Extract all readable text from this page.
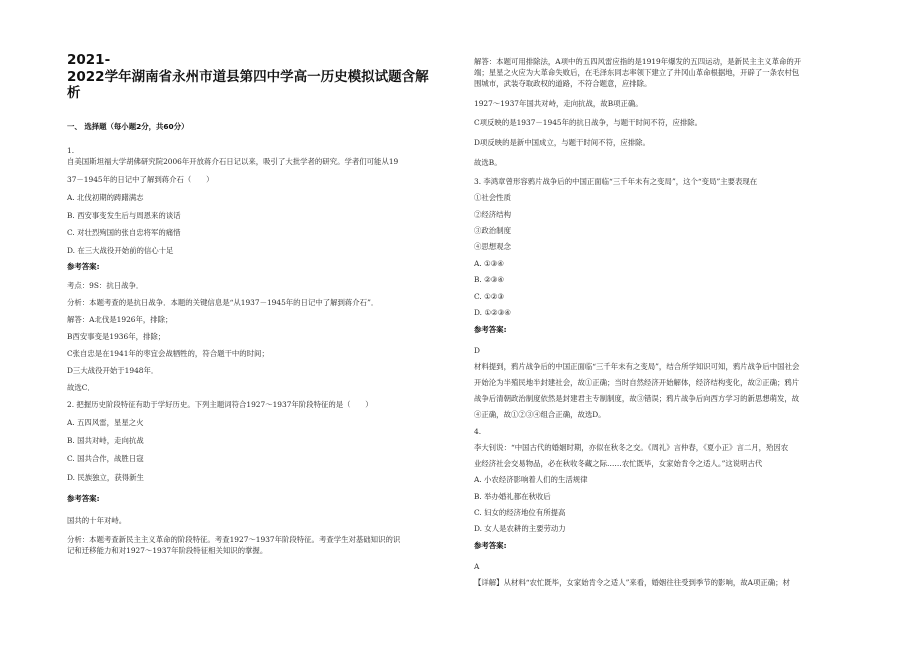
2021-
2022学年湖南省永州市道县第四中学高一历史模拟试题含解
析
一、 选择题（每小题2分，共60分）
1.
自美国斯坦福大学胡佛研究院2006年开放蒋介石日记以来，吸引了大批学者的研究。学者们可能从19
37－1945年的日记中了解到蒋介石（　　）
A. 北伐初期的踌躇满志
B. 西安事变发生后与周恩来的谈话
C. 对壮烈殉国的张自忠将军的痛惜
D. 在三大战役开始前的信心十足
参考答案:
考点：9S：抗日战争．
分析：本题考查的是抗日战争．本题的关键信息是“从1937－1945年的日记中了解到蒋介石”．
解答：A北伐是1926年，排除；
B西安事变是1936年，排除；
C张自忠是在1941年的枣宜会战牺牲的，符合题干中的时间；
D三大战役开始于1948年．
故选C．
2. 把握历史阶段特征有助于学好历史。下列主题词符合1927～1937年阶段特征的是（　　）
A. 五四风雷，星星之火
B. 国共对峙，走向抗战
C. 国共合作，战胜日寇
D. 民族独立，获得新生
参考答案:
国共的十年对峙。
分析：本题考查新民主主义革命的阶段特征。考查1927～1937年阶段特征。考查学生对基础知识的识
记和迁移能力和对1927～1937年阶段特征相关知识的掌握。
解答：本题可用排除法，A项中的五四风雷应指的是1919年爆发的五四运动，是新民主主义革命的开
端；星星之火应为大革命失败后，在毛泽东同志率领下建立了井冈山革命根据地，开辟了一条农村包
围城市，武装夺取政权的道路，不符合题意，应排除。
1927～1937年国共对峙，走向抗战，故B项正确。
C项反映的是1937－1945年的抗日战争，与题干时间不符，应排除。
D项反映的是新中国成立，与题干时间不符，应排除。
故选B。
3. 李鸿章曾形容鸦片战争后的中国正面临“三千年未有之变局”，这个“变局”主要表现在
①社会性质
②经济结构
③政治制度
④思想观念
A. ①③④
B. ②③④
C. ①②③
D. ①②③④
参考答案:
D
材料提到，鸦片战争后的中国正面临“三千年未有之变局”，结合所学知识可知，鸦片战争后中国社会
开始沦为半殖民地半封建社会，故①正确；当时自然经济开始解体，经济结构变化，故②正确；鸦片
战争后清朝政治制度依然是封建君主专制制度，故③错误；鸦片战争后向西方学习的新思想萌发，故
④正确，故①②③④组合正确，故选D。
4.
李大钊说：“中国古代的婚姻时期，亦似在秋冬之交。《周礼》言仲春，《夏小正》言二月，殆因农
业经济社会交易物品，必在秋收冬藏之际……农忙既毕，女家始肯令之适人。”这说明古代
A. 小农经济影响着人们的生活规律
B. 举办婚礼都在秋收后
C. 妇女的经济地位有所提高
D. 女人是农耕的主要劳动力
参考答案:
A
【详解】从材料“农忙既毕，女家始肯令之适人”来看，婚姻往往受到季节的影响，故A项正确；材
